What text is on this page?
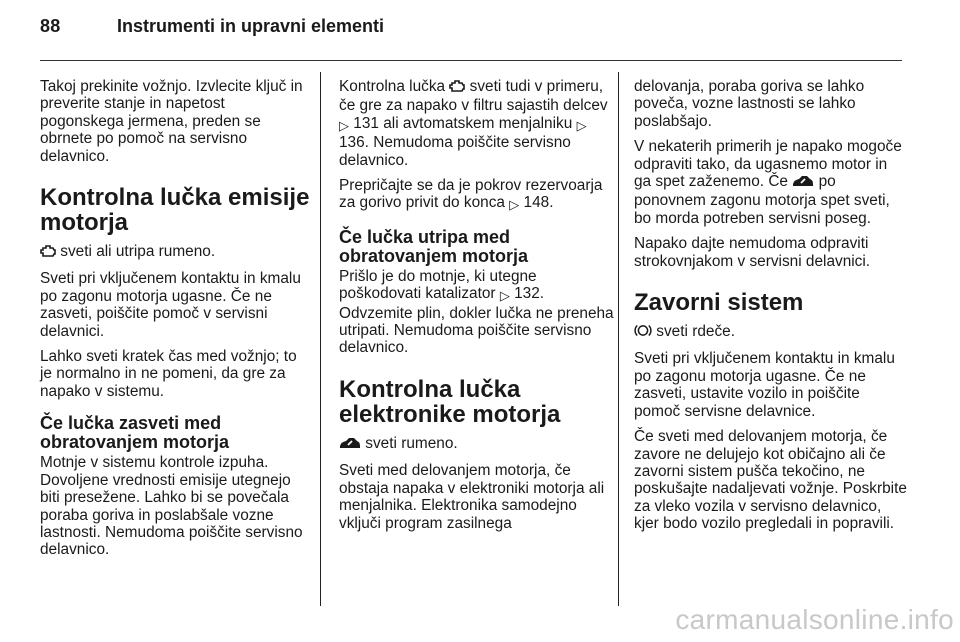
88	Instrumenti in upravni elementi

Takoj prekinite vožnjo. Izvlecite ključ in preverite stanje in napetost pogonskega jermena, preden se obrnete po pomoč na servisno delavnico.

Kontrolna lučka emisije motorja

sveti ali utripa rumeno.

Sveti pri vključenem kontaktu in kmalu po zagonu motorja ugasne. Če ne zasveti, poiščite pomoč v servisni delavnici.

Lahko sveti kratek čas med vožnjo; to je normalno in ne pomeni, da gre za napako v sistemu.

Če lučka zasveti med obratovanjem motorja

Motnje v sistemu kontrole izpuha. Dovoljene vrednosti emisije utegnejo biti presežene. Lahko bi se povečala poraba goriva in poslabšale vozne lastnosti. Nemudoma poiščite servisno delavnico.

Kontrolna lučka sveti tudi v primeru, če gre za napako v filtru sajastih delcev ▷ 131 ali avtomatskem menjalniku ▷ 136. Nemudoma poiščite servisno delavnico.

Prepričajte se da je pokrov rezervoarja za gorivo privit do konca ▷ 148.

Če lučka utripa med obratovanjem motorja

Prišlo je do motnje, ki utegne poškodovati katalizator ▷ 132. Odvzemite plin, dokler lučka ne preneha utripati. Nemudoma poiščite servisno delavnico.

Kontrolna lučka elektronike motorja

sveti rumeno.

Sveti med delovanjem motorja, če obstaja napaka v elektroniki motorja ali menjalnika. Elektronika samodejno vključi program zasilnega

delovanja, poraba goriva se lahko poveča, vozne lastnosti se lahko poslabšajo.

V nekaterih primerih je napako mogoče odpraviti tako, da ugasnemo motor in ga spet zaženemo. Če po ponovnem zagonu motorja spet sveti, bo morda potreben servisni poseg.

Napako dajte nemudoma odpraviti strokovnjakom v servisni delavnici.

Zavorni sistem

sveti rdeče.

Sveti pri vključenem kontaktu in kmalu po zagonu motorja ugasne. Če ne zasveti, ustavite vozilo in poiščite pomoč servisne delavnice.

Če sveti med delovanjem motorja, če zavore ne delujejo kot običajno ali če zavorni sistem pušča tekočino, ne poskušajte nadaljevati vožnje. Poskrbite za vleko vozila v servisno delavnico, kjer bodo vozilo pregledali in popravili.

carmanualsonline.info
